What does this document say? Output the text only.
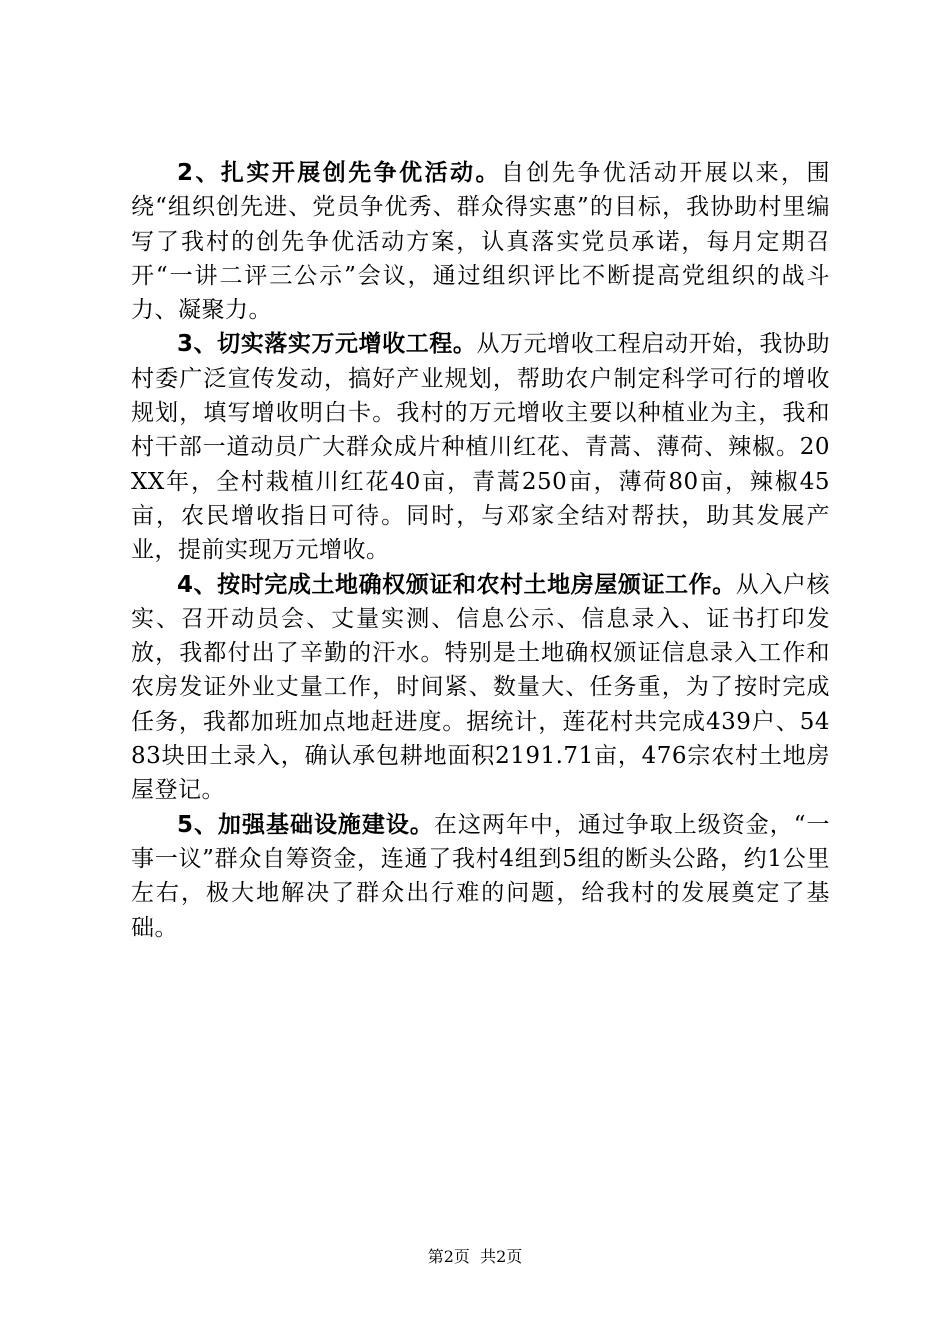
2、扎实开展创先争优活动。自创先争优活动开展以来，围绕“组织创先进、党员争优秀、群众得实惠”的目标，我协助村里编写了我村的创先争优活动方案，认真落实党员承诺，每月定期召开“一讲二评三公示”会议，通过组织评比不断提高党组织的战斗力、凝聚力。

3、切实落实万元增收工程。从万元增收工程启动开始，我协助村委广泛宣传发动，搞好产业规划，帮助农户制定科学可行的增收规划，填写增收明白卡。我村的万元增收主要以种植业为主，我和村干部一道动员广大群众成片种植川红花、青蒿、薄荷、辣椒。20XX年，全村栽植川红花40亩，青蒿250亩，薄荷80亩，辣椒45亩，农民增收指日可待。同时，与邓家全结对帮扶，助其发展产业，提前实现万元增收。

4、按时完成土地确权颁证和农村土地房屋颁证工作。从入户核实、召开动员会、丈量实测、信息公示、信息录入、证书打印发放，我都付出了辛勤的汗水。特别是土地确权颁证信息录入工作和农房发证外业丈量工作，时间紧、数量大、任务重，为了按时完成任务，我都加班加点地赶进度。据统计，莲花村共完成439户、5483块田土录入，确认承包耕地面积2191.71亩，476宗农村土地房屋登记。

5、加强基础设施建设。在这两年中，通过争取上级资金，“一事一议”群众自筹资金，连通了我村4组到5组的断头公路，约1公里左右，极大地解决了群众出行难的问题，给我村的发展奠定了基础。

第2页 共2页
